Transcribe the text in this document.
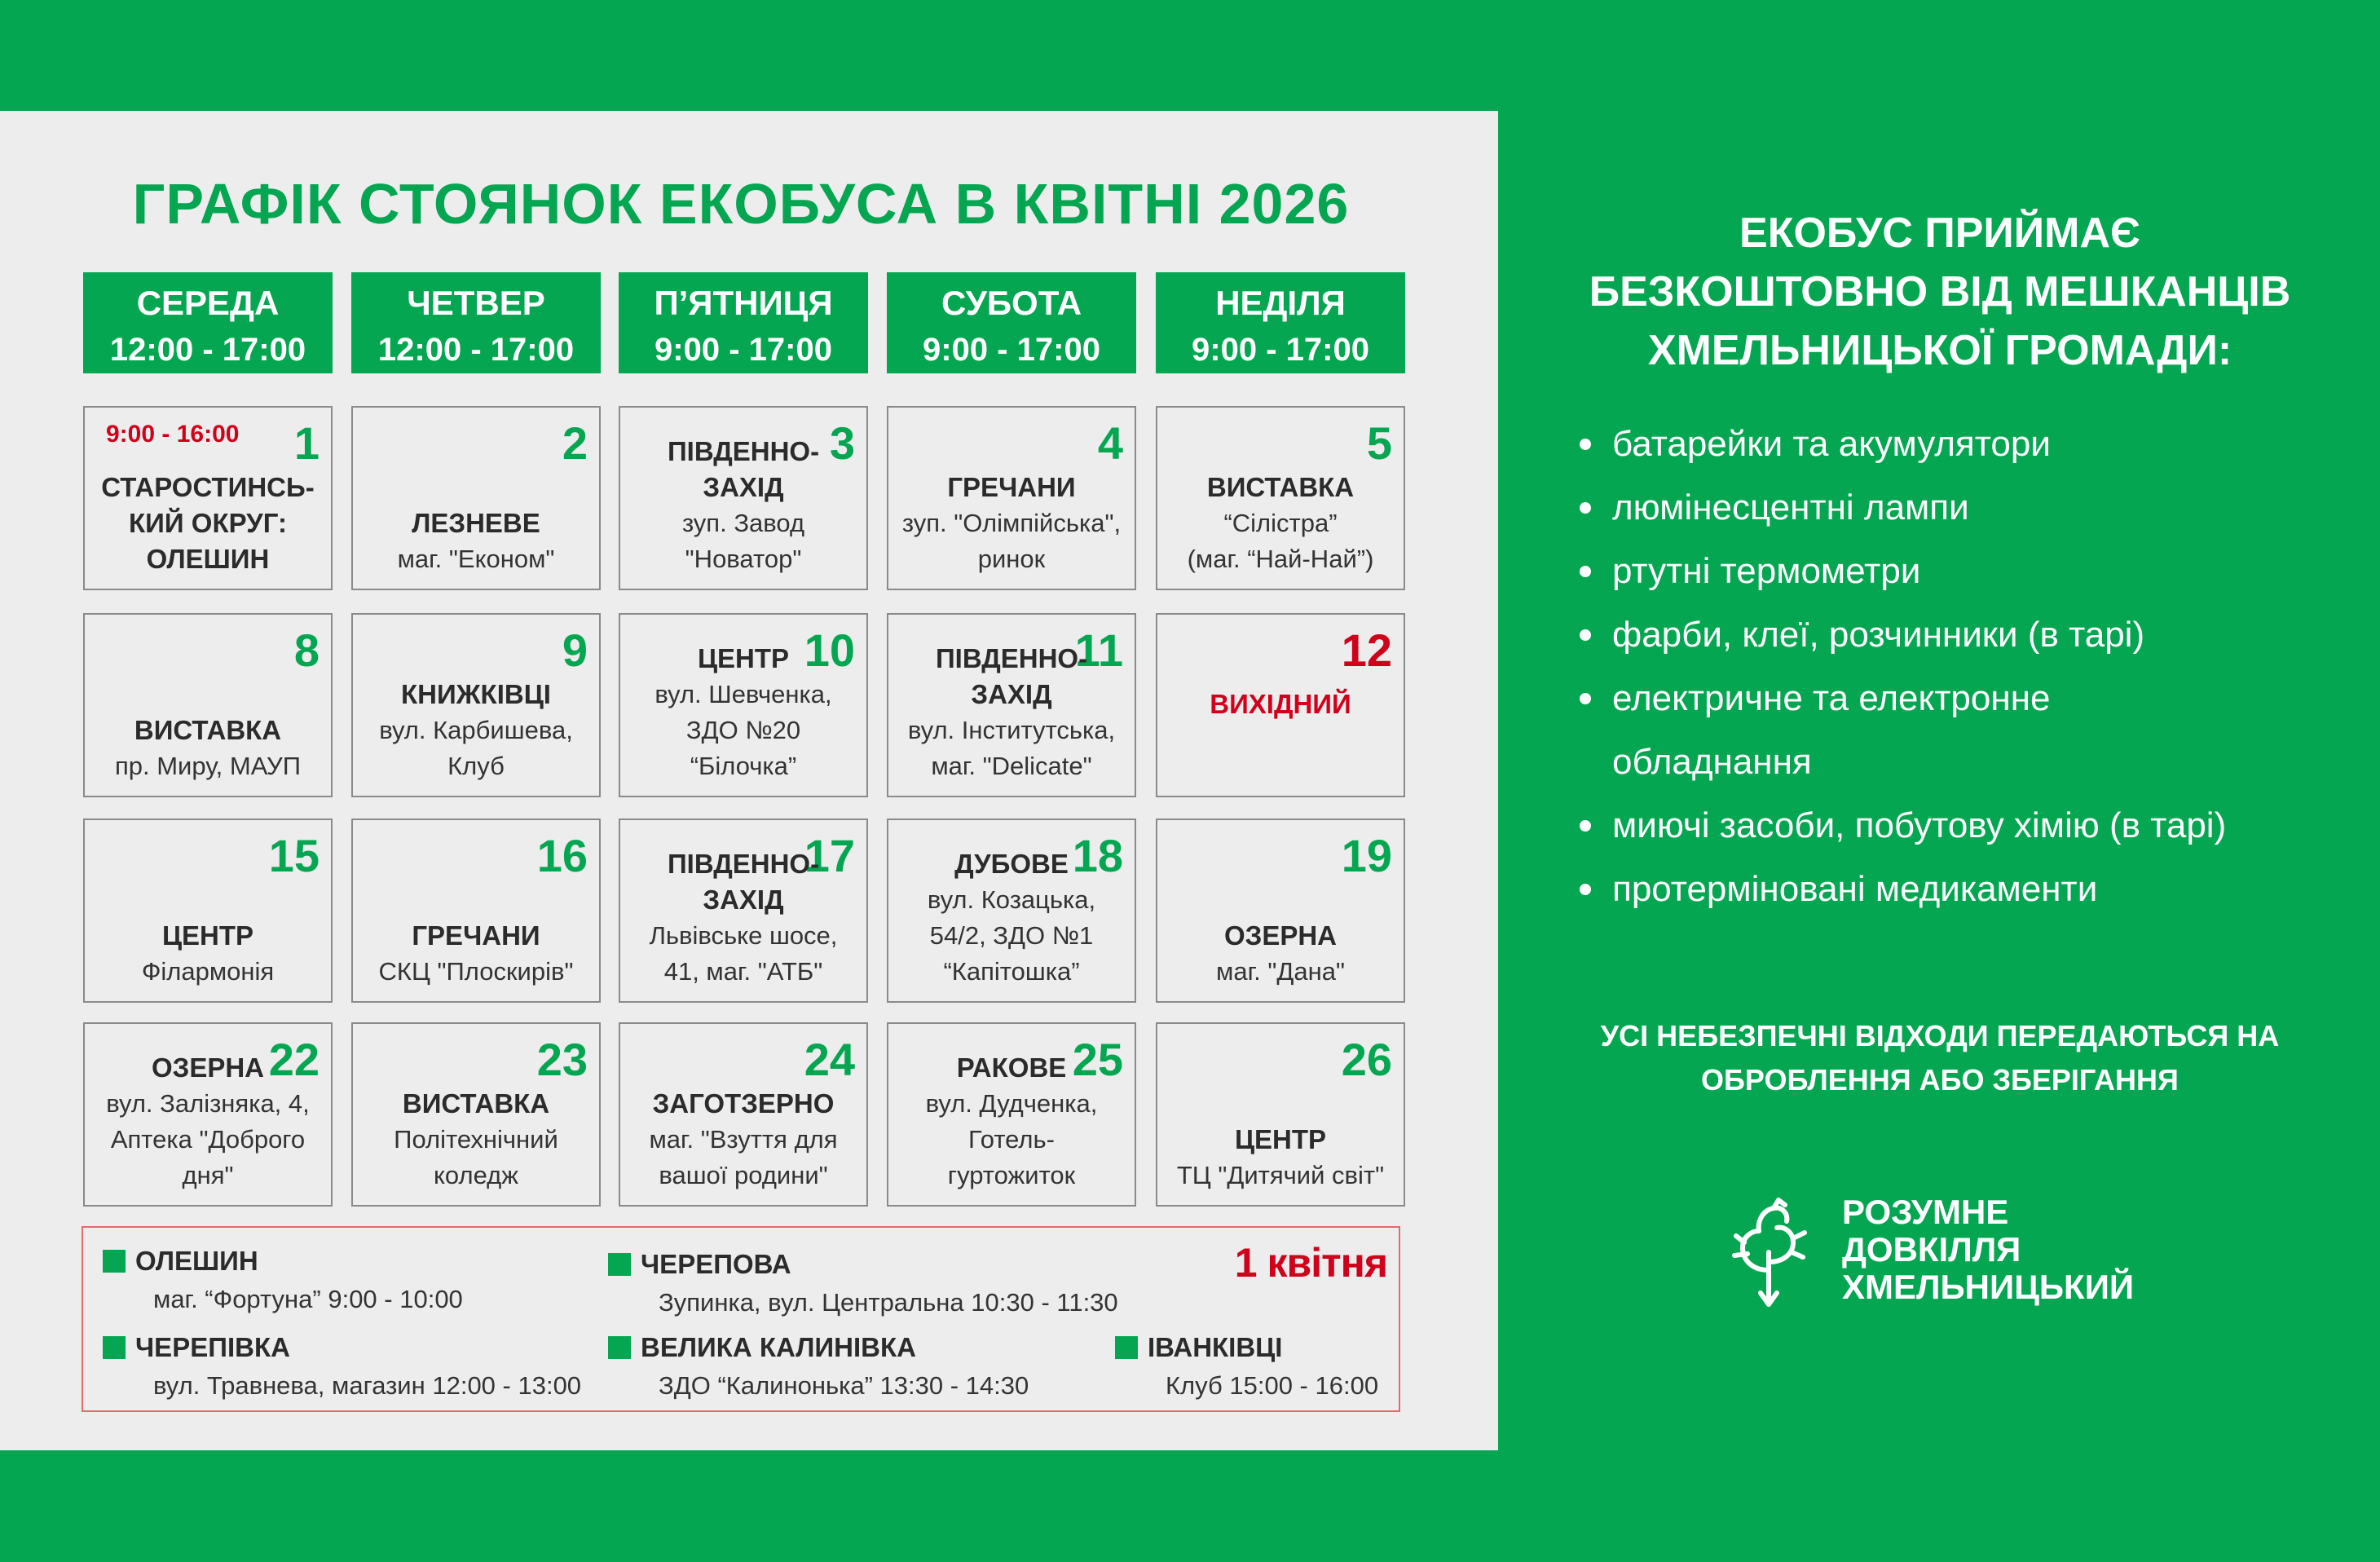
ГРАФІК СТОЯНОК ЕКОБУСА В КВІТНІ 2026
СЕРЕДА
12:00 - 17:00
ЧЕТВЕР
12:00 - 17:00
П’ЯТНИЦЯ
9:00 - 17:00
СУБОТА
9:00 - 17:00
НЕДІЛЯ
9:00 - 17:00
9:00 - 16:00 1
СТАРОСТИНСЬ-
КИЙ ОКРУГ:
ОЛЕШИН
2
ЛЕЗНЕВЕ
маг. "Економ"
3
ПІВДЕННО-
ЗАХІД
зуп. Завод
"Новатор"
4
ГРЕЧАНИ
зуп. "Олімпійська",
ринок
5
ВИСТАВКА
“Сілістра”
(маг. “Най-Най”)
8
ВИСТАВКА
пр. Миру, МАУП
9
КНИЖКІВЦІ
вул. Карбишева,
Клуб
10
ЦЕНТР
вул. Шевченка,
ЗДО №20
“Білочка”
11
ПІВДЕННО-
ЗАХІД
вул. Інститутська,
маг. "Delicate"
12
ВИХІДНИЙ
15
ЦЕНТР
Філармонія
16
ГРЕЧАНИ
СКЦ "Плоскирів"
17
ПІВДЕННО-
ЗАХІД
Львівське шосе,
41, маг. "АТБ"
18
ДУБОВЕ
вул. Козацька,
54/2, ЗДО №1
“Капітошка”
19
ОЗЕРНА
маг. "Дана"
22
ОЗЕРНА
вул. Залізняка, 4,
Аптека "Доброго
дня"
23
ВИСТАВКА
Політехнічний
коледж
24
ЗАГОТЗЕРНО
маг. "Взуття для
вашої родини"
25
РАКОВЕ
вул. Дудченка,
Готель-
гуртожиток
26
ЦЕНТР
ТЦ "Дитячий світ"
1 квітня
ОЛЕШИН
маг. “Фортуна” 9:00 - 10:00
ЧЕРЕПІВКА
вул. Травнева, магазин 12:00 - 13:00
ЧЕРЕПОВА
Зупинка, вул. Центральна 10:30 - 11:30
ВЕЛИКА КАЛИНІВКА
ЗДО “Калинонька” 13:30 - 14:30
ІВАНКІВЦІ
Клуб 15:00 - 16:00
ЕКОБУС ПРИЙМАЄ
БЕЗКОШТОВНО ВІД МЕШКАНЦІВ
ХМЕЛЬНИЦЬКОЇ ГРОМАДИ:
батарейки та акумулятори
люмінесцентні лампи
ртутні термометри
фарби, клеї, розчинники (в тарі)
електричне та електронне
обладнання
миючі засоби, побутову хімію (в тарі)
протерміновані медикаменти
УСІ НЕБЕЗПЕЧНІ ВІДХОДИ ПЕРЕДАЮТЬСЯ НА
ОБРОБЛЕННЯ АБО ЗБЕРІГАННЯ
РОЗУМНЕ
ДОВКІЛЛЯ
ХМЕЛЬНИЦЬКИЙ
